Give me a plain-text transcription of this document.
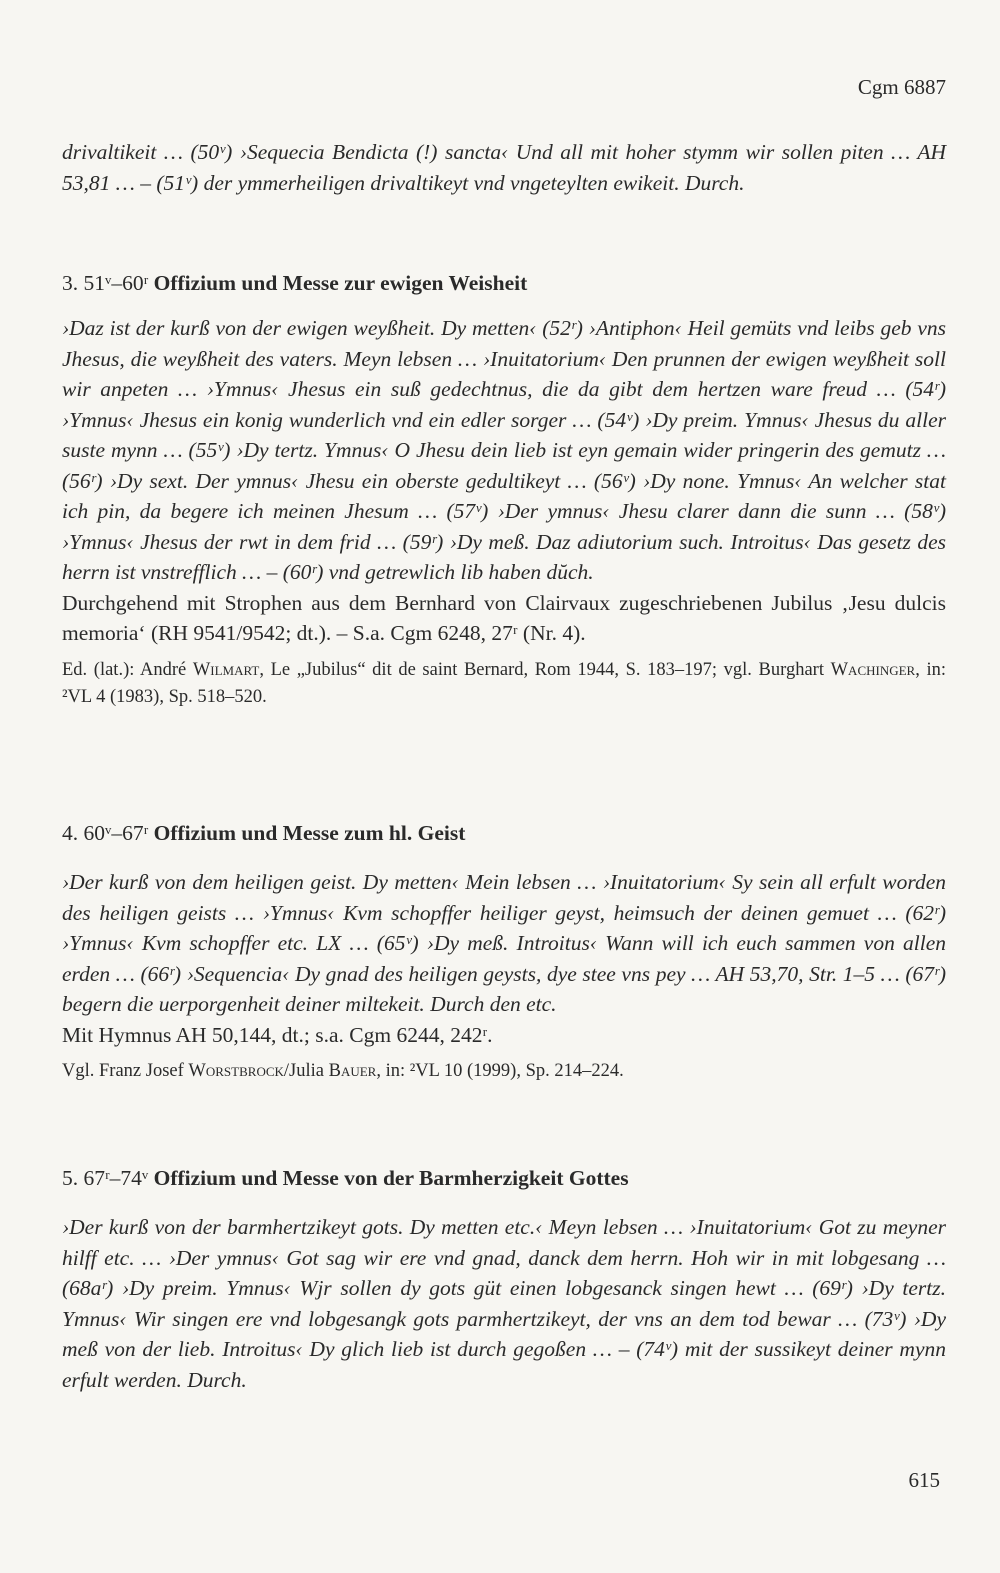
Cgm 6887

drivaltikeit … (50ᵛ) ›Sequecia Bendicta (!) sancta‹ Und all mit hoher stymm wir sollen piten … AH 53,81 … – (51ᵛ) der ymmerheiligen drivaltikeyt vnd vngeteylten ewikeit. Durch.

3. 51ᵛ–60ʳ Offizium und Messe zur ewigen Weisheit

›Daz ist der kurß von der ewigen weyßheit. Dy metten‹ (52ʳ) ›Antiphon‹ Heil gemüts vnd leibs geb vns Jhesus, die weyßheit des vaters. Meyn lebsen … ›Inuitatorium‹ Den prunnen der ewigen weyßheit soll wir anpeten … ›Ymnus‹ Jhesus ein suß gedechtnus, die da gibt dem hertzen ware freud … (54ʳ) ›Ymnus‹ Jhesus ein konig wunderlich vnd ein edler sorger … (54ᵛ) ›Dy preim. Ymnus‹ Jhesus du aller suste mynn … (55ᵛ) ›Dy tertz. Ymnus‹ O Jhesu dein lieb ist eyn gemain wider pringerin des gemutz … (56ʳ) ›Dy sext. Der ymnus‹ Jhesu ein oberste gedultikeyt … (56ᵛ) ›Dy none. Ymnus‹ An welcher stat ich pin, da begere ich meinen Jhesum … (57ᵛ) ›Der ymnus‹ Jhesu clarer dann die sunn … (58ᵛ) ›Ymnus‹ Jhesus der rwt in dem frid … (59ʳ) ›Dy meß. Daz adiutorium such. Introitus‹ Das gesetz des herrn ist vnstrefflich … – (60ʳ) vnd getrewlich lib haben dŭch.

Durchgehend mit Strophen aus dem Bernhard von Clairvaux zugeschriebenen Jubilus ‚Jesu dulcis memoria‘ (RH 9541/9542; dt.). – S.a. Cgm 6248, 27ʳ (Nr. 4).

Ed. (lat.): André Wilmart, Le „Jubilus“ dit de saint Bernard, Rom 1944, S. 183–197; vgl. Burghart Wachinger, in: ²VL 4 (1983), Sp. 518–520.

4. 60ᵛ–67ʳ Offizium und Messe zum hl. Geist

›Der kurß von dem heiligen geist. Dy metten‹ Mein lebsen … ›Inuitatorium‹ Sy sein all erfult worden des heiligen geists … ›Ymnus‹ Kvm schopffer heiliger geyst, heimsuch der deinen gemuet … (62ʳ) ›Ymnus‹ Kvm schopffer etc. LX … (65ᵛ) ›Dy meß. Introitus‹ Wann will ich euch sammen von allen erden … (66ʳ) ›Sequencia‹ Dy gnad des heiligen geysts, dye stee vns pey … AH 53,70, Str. 1–5 … (67ʳ) begern die uerporgenheit deiner miltekeit. Durch den etc.

Mit Hymnus AH 50,144, dt.; s.a. Cgm 6244, 242ʳ.

Vgl. Franz Josef Worstbrock/Julia Bauer, in: ²VL 10 (1999), Sp. 214–224.

5. 67ʳ–74ᵛ Offizium und Messe von der Barmherzigkeit Gottes

›Der kurß von der barmhertzikeyt gots. Dy metten etc.‹ Meyn lebsen … ›Inuitatorium‹ Got zu meyner hilff etc. … ›Der ymnus‹ Got sag wir ere vnd gnad, danck dem herrn. Hoh wir in mit lobgesang … (68aʳ) ›Dy preim. Ymnus‹ Wjr sollen dy gots güt einen lobgesanck singen hewt … (69ʳ) ›Dy tertz. Ymnus‹ Wir singen ere vnd lobgesangk gots parmhertzikeyt, der vns an dem tod bewar … (73ᵛ) ›Dy meß von der lieb. Introitus‹ Dy glich lieb ist durch gegoßen … – (74ᵛ) mit der sussikeyt deiner mynn erfult werden. Durch.

615
